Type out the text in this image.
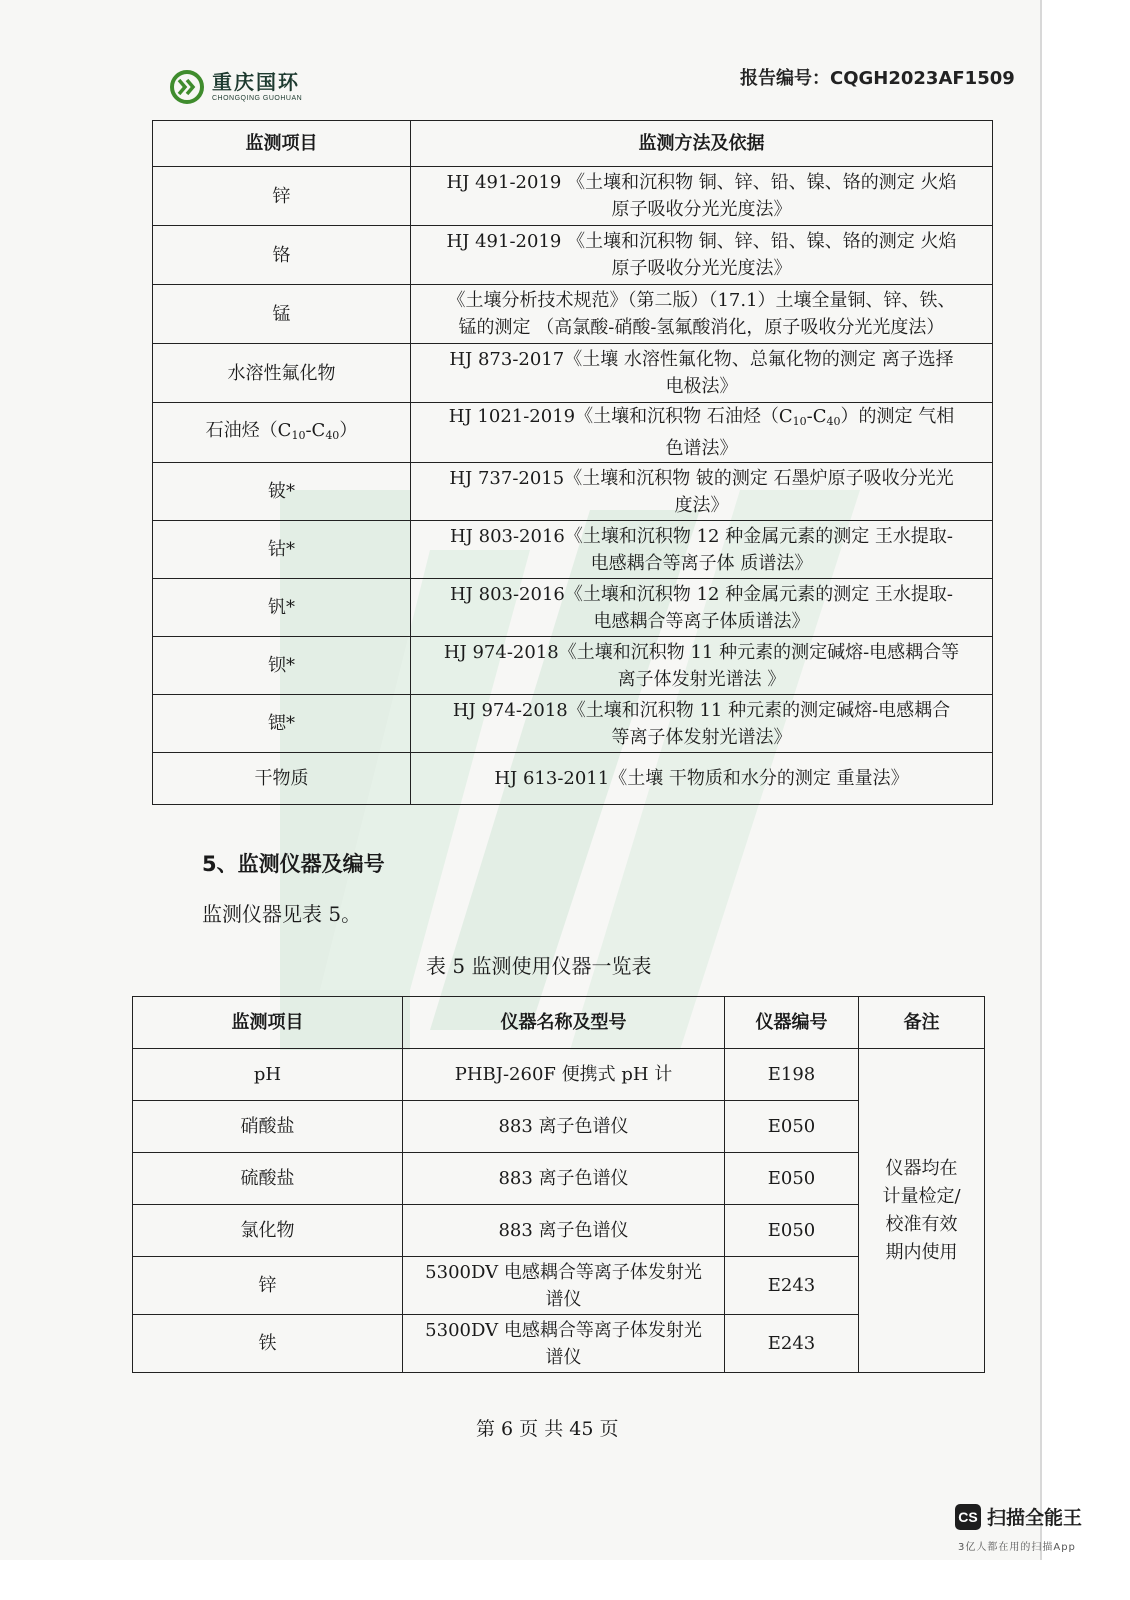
重庆国环
CHONGQING GUOHUAN
报告编号：CQGH2023AF1509
监测项目	监测方法及依据
锌	HJ 491-2019 《土壤和沉积物 铜、锌、铅、镍、铬的测定 火焰
原子吸收分光光度法》
铬	HJ 491-2019 《土壤和沉积物 铜、锌、铅、镍、铬的测定 火焰
原子吸收分光光度法》
锰	《土壤分析技术规范》（第二版）（17.1）土壤全量铜、锌、铁、
锰的测定 （高氯酸-硝酸-氢氟酸消化，原子吸收分光光度法）
水溶性氟化物	HJ 873-2017《土壤 水溶性氟化物、总氟化物的测定 离子选择
电极法》
石油烃$(C_{10}-C_{40})$	HJ 1021-2019《土壤和沉积物 石油烃$(C_{10}-C_{40})$的测定 气相
色谱法》
铍*	HJ 737-2015《土壤和沉积物 铍的测定 石墨炉原子吸收分光光
度法》
钴*	HJ 803-2016《土壤和沉积物 12 种金属元素的测定 王水提取-
电感耦合等离子体 质谱法》
钒*	HJ 803-2016《土壤和沉积物 12 种金属元素的测定 王水提取-
电感耦合等离子体质谱法》
钡*	HJ 974-2018《土壤和沉积物 11 种元素的测定碱熔-电感耦合等
离子体发射光谱法 》
锶*	HJ 974-2018《土壤和沉积物 11 种元素的测定碱熔-电感耦合
等离子体发射光谱法》
干物质	HJ 613-2011《土壤 干物质和水分的测定 重量法》
5、监测仪器及编号
监测仪器见表 5。
表 5 监测使用仪器一览表
监测项目	仪器名称及型号	仪器编号	备注
pH	PHBJ-260F 便携式 pH 计	E198	仪器均在
计量检定/
校准有效
期内使用
硝酸盐	883 离子色谱仪	E050	
硫酸盐	883 离子色谱仪	E050	
氯化物	883 离子色谱仪	E050	
锌	5300DV 电感耦合等离子体发射光
谱仪	E243	
铁	5300DV 电感耦合等离子体发射光
谱仪	E243	
第 6 页 共 45 页
CS 扫描全能王
3亿人都在用的扫描App
